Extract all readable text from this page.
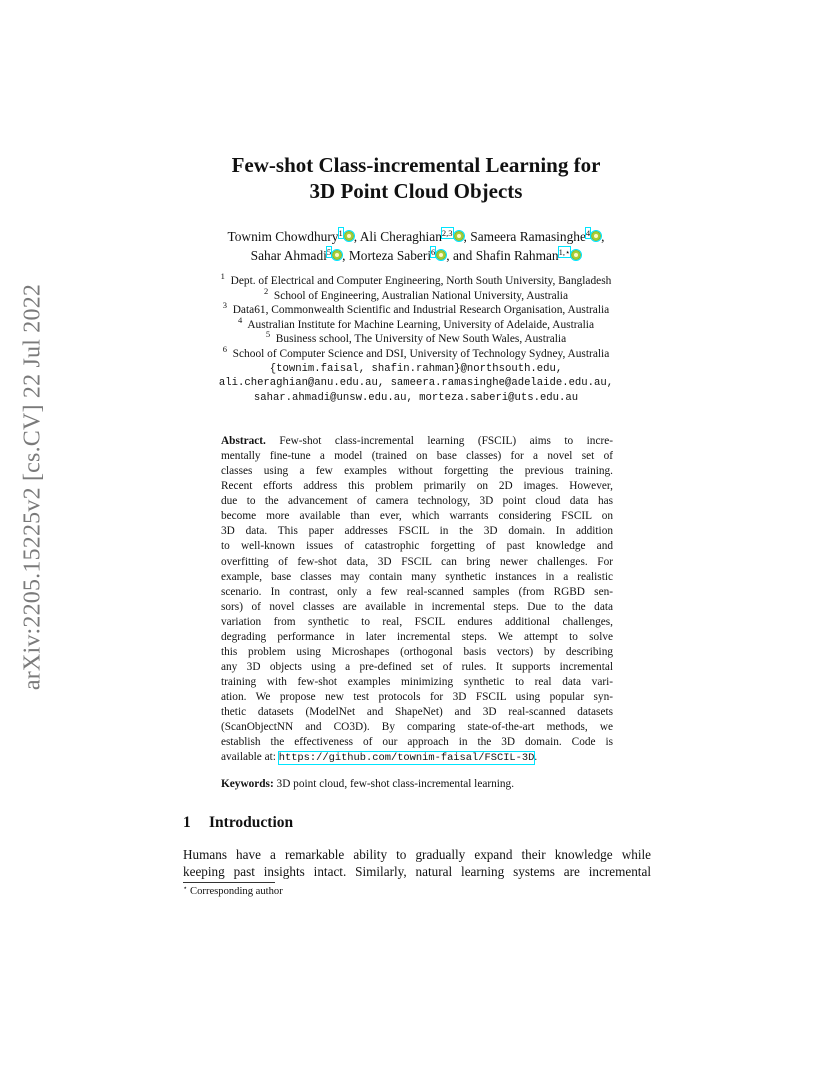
arXiv:2205.15225v2 [cs.CV] 22 Jul 2022
Few-shot Class-incremental Learning for
3D Point Cloud Objects
Townim Chowdhury$^1$ , Ali Cheraghian$^{2,3}$ , Sameera Ramasinghe$^4$ ,
Sahar Ahmadi$^5$ , Morteza Saberi$^6$ , and Shafin Rahman$^{1,⋆}$
$^1$ Dept. of Electrical and Computer Engineering, North South University, Bangladesh
$^2$ School of Engineering, Australian National University, Australia
$^3$ Data61, Commonwealth Scientific and Industrial Research Organisation, Australia
$^4$ Australian Institute for Machine Learning, University of Adelaide, Australia
$^5$ Business school, The University of New South Wales, Australia
$^6$ School of Computer Science and DSI, University of Technology Sydney, Australia
{townim.faisal, shafin.rahman}@northsouth.edu,
ali.cheraghian@anu.edu.au, sameera.ramasinghe@adelaide.edu.au,
sahar.ahmadi@unsw.edu.au, morteza.saberi@uts.edu.au
Abstract. Few-shot class-incremental learning (FSCIL) aims to incre-
mentally fine-tune a model (trained on base classes) for a novel set of
classes using a few examples without forgetting the previous training.
Recent efforts address this problem primarily on 2D images. However,
due to the advancement of camera technology, 3D point cloud data has
become more available than ever, which warrants considering FSCIL on
3D data. This paper addresses FSCIL in the 3D domain. In addition
to well-known issues of catastrophic forgetting of past knowledge and
overfitting of few-shot data, 3D FSCIL can bring newer challenges. For
example, base classes may contain many synthetic instances in a realistic
scenario. In contrast, only a few real-scanned samples (from RGBD sen-
sors) of novel classes are available in incremental steps. Due to the data
variation from synthetic to real, FSCIL endures additional challenges,
degrading performance in later incremental steps. We attempt to solve
this problem using Microshapes (orthogonal basis vectors) by describing
any 3D objects using a pre-defined set of rules. It supports incremental
training with few-shot examples minimizing synthetic to real data vari-
ation. We propose new test protocols for 3D FSCIL using popular syn-
thetic datasets (ModelNet and ShapeNet) and 3D real-scanned datasets
(ScanObjectNN and CO3D). By comparing state-of-the-art methods, we
establish the effectiveness of our approach in the 3D domain. Code is
available at: https://github.com/townim-faisal/FSCIL-3D.
Keywords: 3D point cloud, few-shot class-incremental learning.
1 Introduction
Humans have a remarkable ability to gradually expand their knowledge while
keeping past insights intact. Similarly, natural learning systems are incremental
⋆ Corresponding author
